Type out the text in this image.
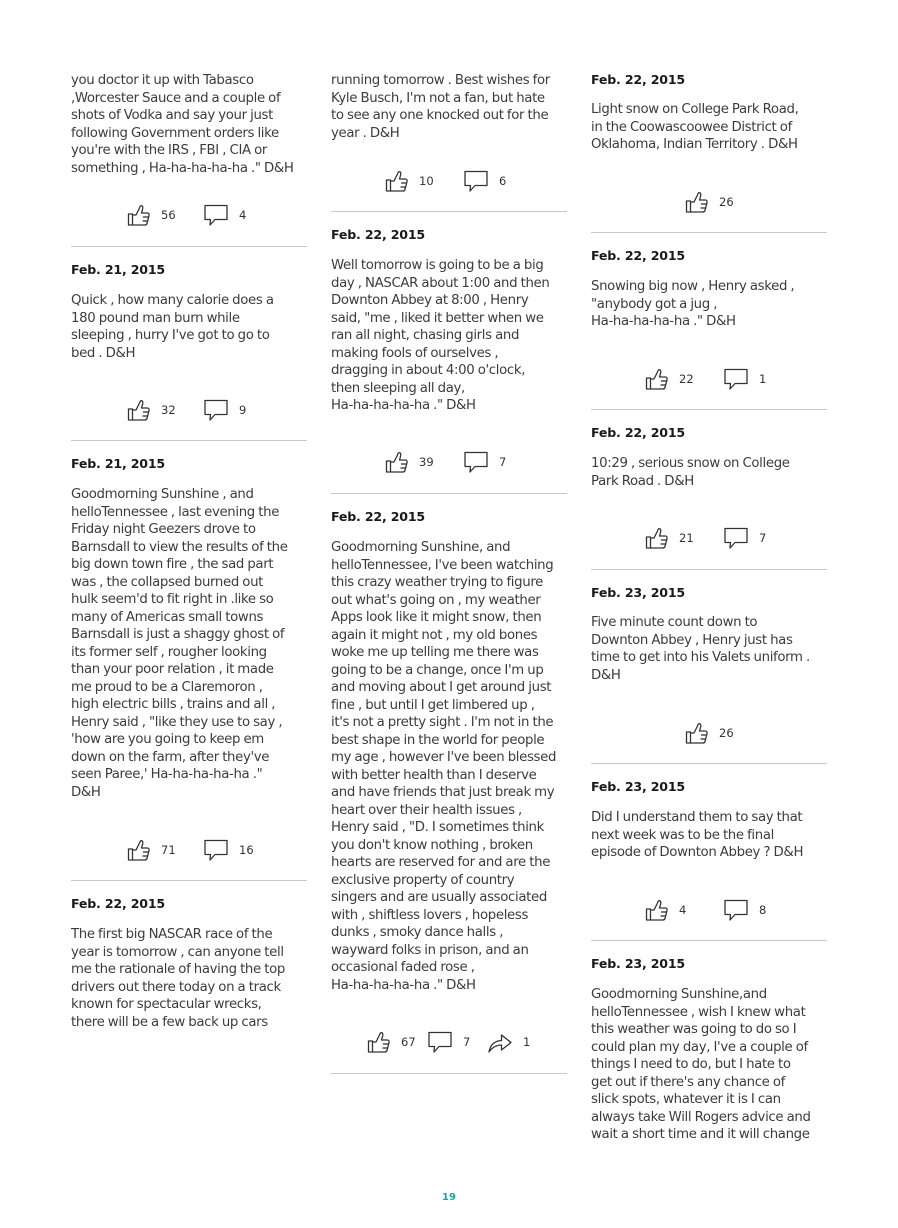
you doctor it up with Tabasco
,Worcester Sauce and a couple of
shots of Vodka and say your just
following Government orders like
you're with the IRS , FBI , CIA or
something , Ha-ha-ha-ha-ha ." D&H

56	4
Feb. 21, 2015

Quick , how many calorie does a
180 pound man burn while
sleeping , hurry I've got to go to
bed . D&H

32	9
Feb. 21, 2015

Goodmorning Sunshine , and
helloTennessee , last evening the
Friday night Geezers drove to
Barnsdall to view the results of the
big down town fire , the sad part
was , the collapsed burned out
hulk seem'd to fit right in .like so
many of Americas small towns
Barnsdall is just a shaggy ghost of
its former self , rougher looking
than your poor relation , it made
me proud to be a Claremoron ,
high electric bills , trains and all ,
Henry said , "like they use to say ,
'how are you going to keep em
down on the farm, after they've
seen Paree,' Ha-ha-ha-ha-ha ."
D&H

71	16
Feb. 22, 2015

The first big NASCAR race of the
year is tomorrow , can anyone tell
me the rationale of having the top
drivers out there today on a track
known for spectacular wrecks,
there will be a few back up cars

running tomorrow . Best wishes for
Kyle Busch, I'm not a fan, but hate
to see any one knocked out for the
year . D&H

10	6
Feb. 22, 2015

Well tomorrow is going to be a big
day , NASCAR about 1:00 and then
Downton Abbey at 8:00 , Henry
said, "me , liked it better when we
ran all night, chasing girls and
making fools of ourselves ,
dragging in about 4:00 o'clock,
then sleeping all day,
Ha-ha-ha-ha-ha ." D&H

39	7
Feb. 22, 2015

Goodmorning Sunshine, and
helloTennessee, I've been watching
this crazy weather trying to figure
out what's going on , my weather
Apps look like it might snow, then
again it might not , my old bones
woke me up telling me there was
going to be a change, once I'm up
and moving about I get around just
fine , but until I get limbered up ,
it's not a pretty sight . I'm not in the
best shape in the world for people
my age , however I've been blessed
with better health than I deserve
and have friends that just break my
heart over their health issues ,
Henry said , "D. I sometimes think
you don't know nothing , broken
hearts are reserved for and are the
exclusive property of country
singers and are usually associated
with , shiftless lovers , hopeless
dunks , smoky dance halls ,
wayward folks in prison, and an
occasional faded rose ,
Ha-ha-ha-ha-ha ." D&H

67	7	1
Feb. 22, 2015

Light snow on College Park Road,
in the Coowascoowee District of
Oklahoma, Indian Territory . D&H

26
Feb. 22, 2015

Snowing big now , Henry asked ,
"anybody got a jug ,
Ha-ha-ha-ha-ha ." D&H

22	1
Feb. 22, 2015

10:29 , serious snow on College
Park Road . D&H

21	7
Feb. 23, 2015

Five minute count down to
Downton Abbey , Henry just has
time to get into his Valets uniform .
D&H

26
Feb. 23, 2015

Did I understand them to say that
next week was to be the final
episode of Downton Abbey ? D&H

4	8
Feb. 23, 2015

Goodmorning Sunshine,and
helloTennessee , wish I knew what
this weather was going to do so I
could plan my day, I've a couple of
things I need to do, but I hate to
get out if there's any chance of
slick spots, whatever it is I can
always take Will Rogers advice and
wait a short time and it will change

19
